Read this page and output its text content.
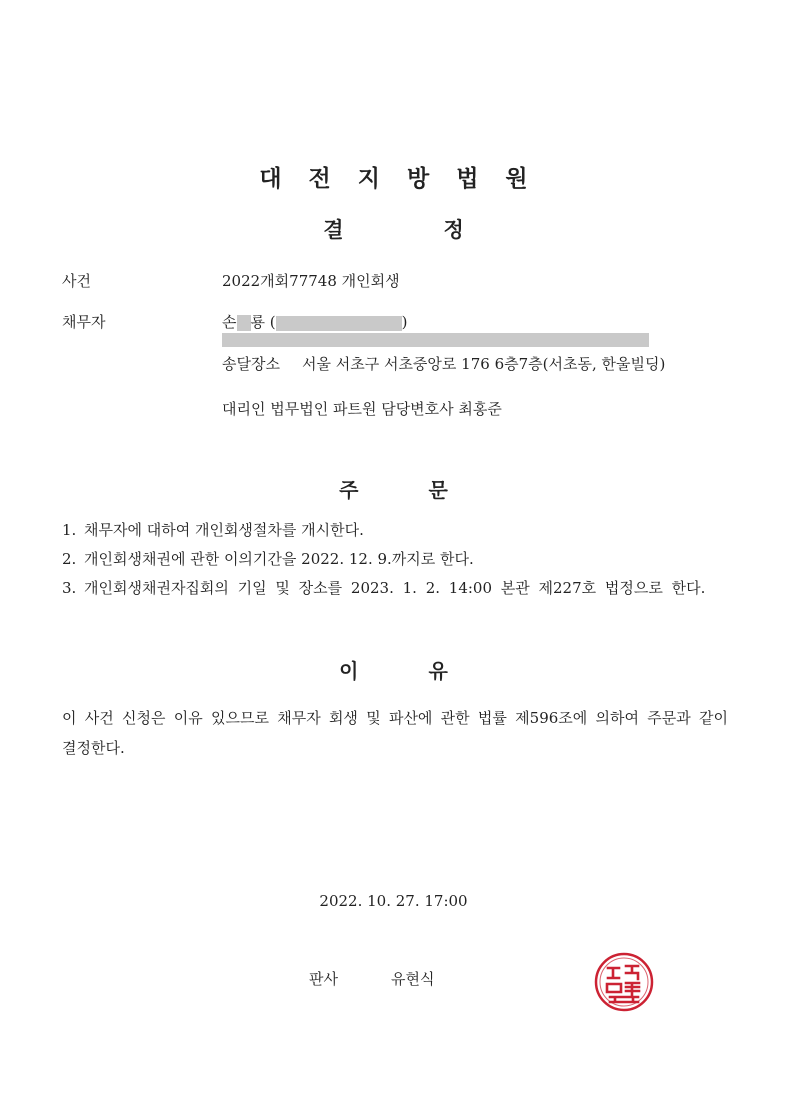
대전지방법원
결정
사건	2022개회77748 개인회생
채무자	손 룡 (	)
송달장소 서울 서초구 서초중앙로 176 6층7층(서초동, 한울빌딩)
대리인 법무법인 파트원 담당변호사 최홍준
주문
1. 채무자에 대하여 개인회생절차를 개시한다.
2. 개인회생채권에 관한 이의기간을 2022. 12. 9.까지로 한다.
3. 개인회생채권자집회의 기일 및 장소를 2023. 1. 2. 14:00 본관 제227호 법정으로 한다.
이유
이 사건 신청은 이유 있으므로 채무자 회생 및 파산에 관한 법률 제596조에 의하여 주문과 같이 결정한다.
2022. 10. 27. 17:00
판사	유현식
